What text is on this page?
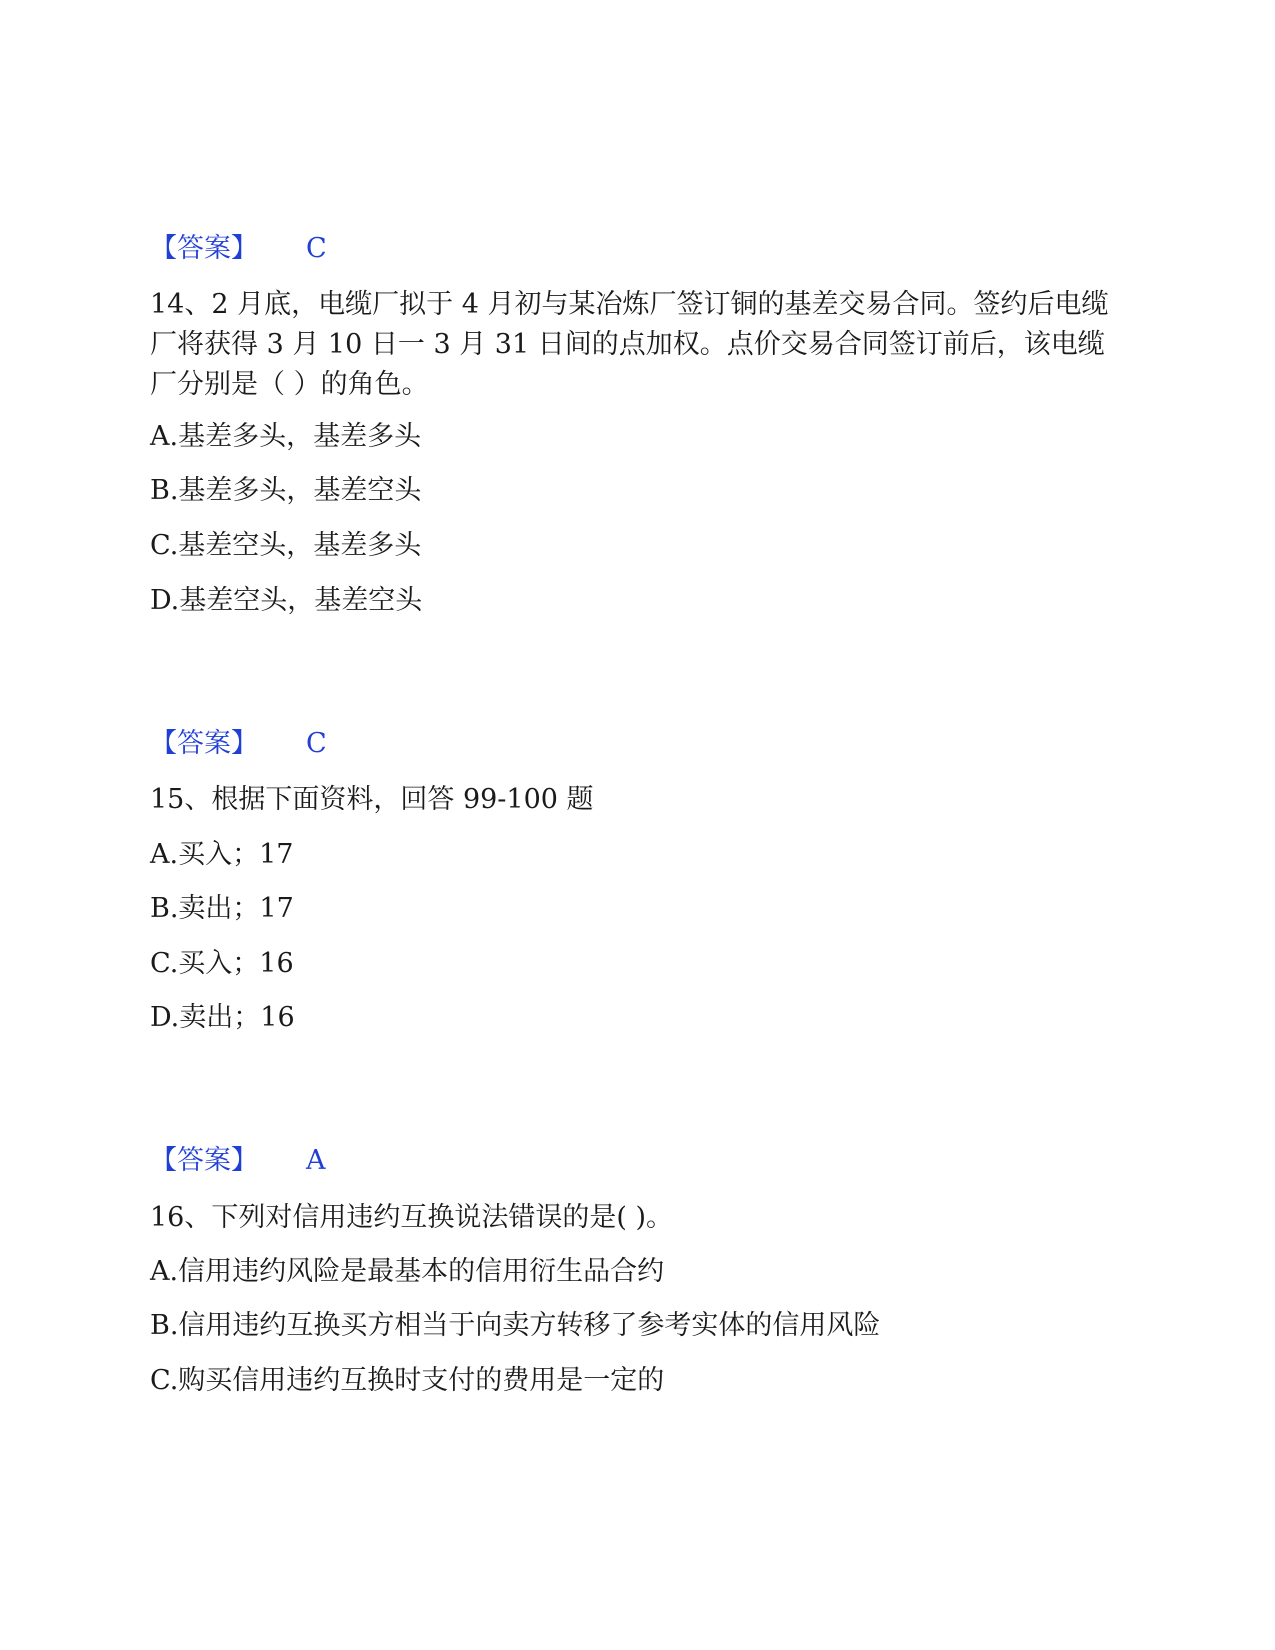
【答案】 C
14、2 月底，电缆厂拟于 4 月初与某冶炼厂签订铜的基差交易合同。签约后电缆厂将获得 3 月 10 日一 3 月 31 日间的点加权。点价交易合同签订前后，该电缆厂分别是（ ）的角色。
A.基差多头，基差多头
B.基差多头，基差空头
C.基差空头，基差多头
D.基差空头，基差空头
【答案】 C
15、根据下面资料，回答 99-100 题
A.买入；17
B.卖出；17
C.买入；16
D.卖出；16
【答案】 A
16、下列对信用违约互换说法错误的是( )。
A.信用违约风险是最基本的信用衍生品合约
B.信用违约互换买方相当于向卖方转移了参考实体的信用风险
C.购买信用违约互换时支付的费用是一定的
